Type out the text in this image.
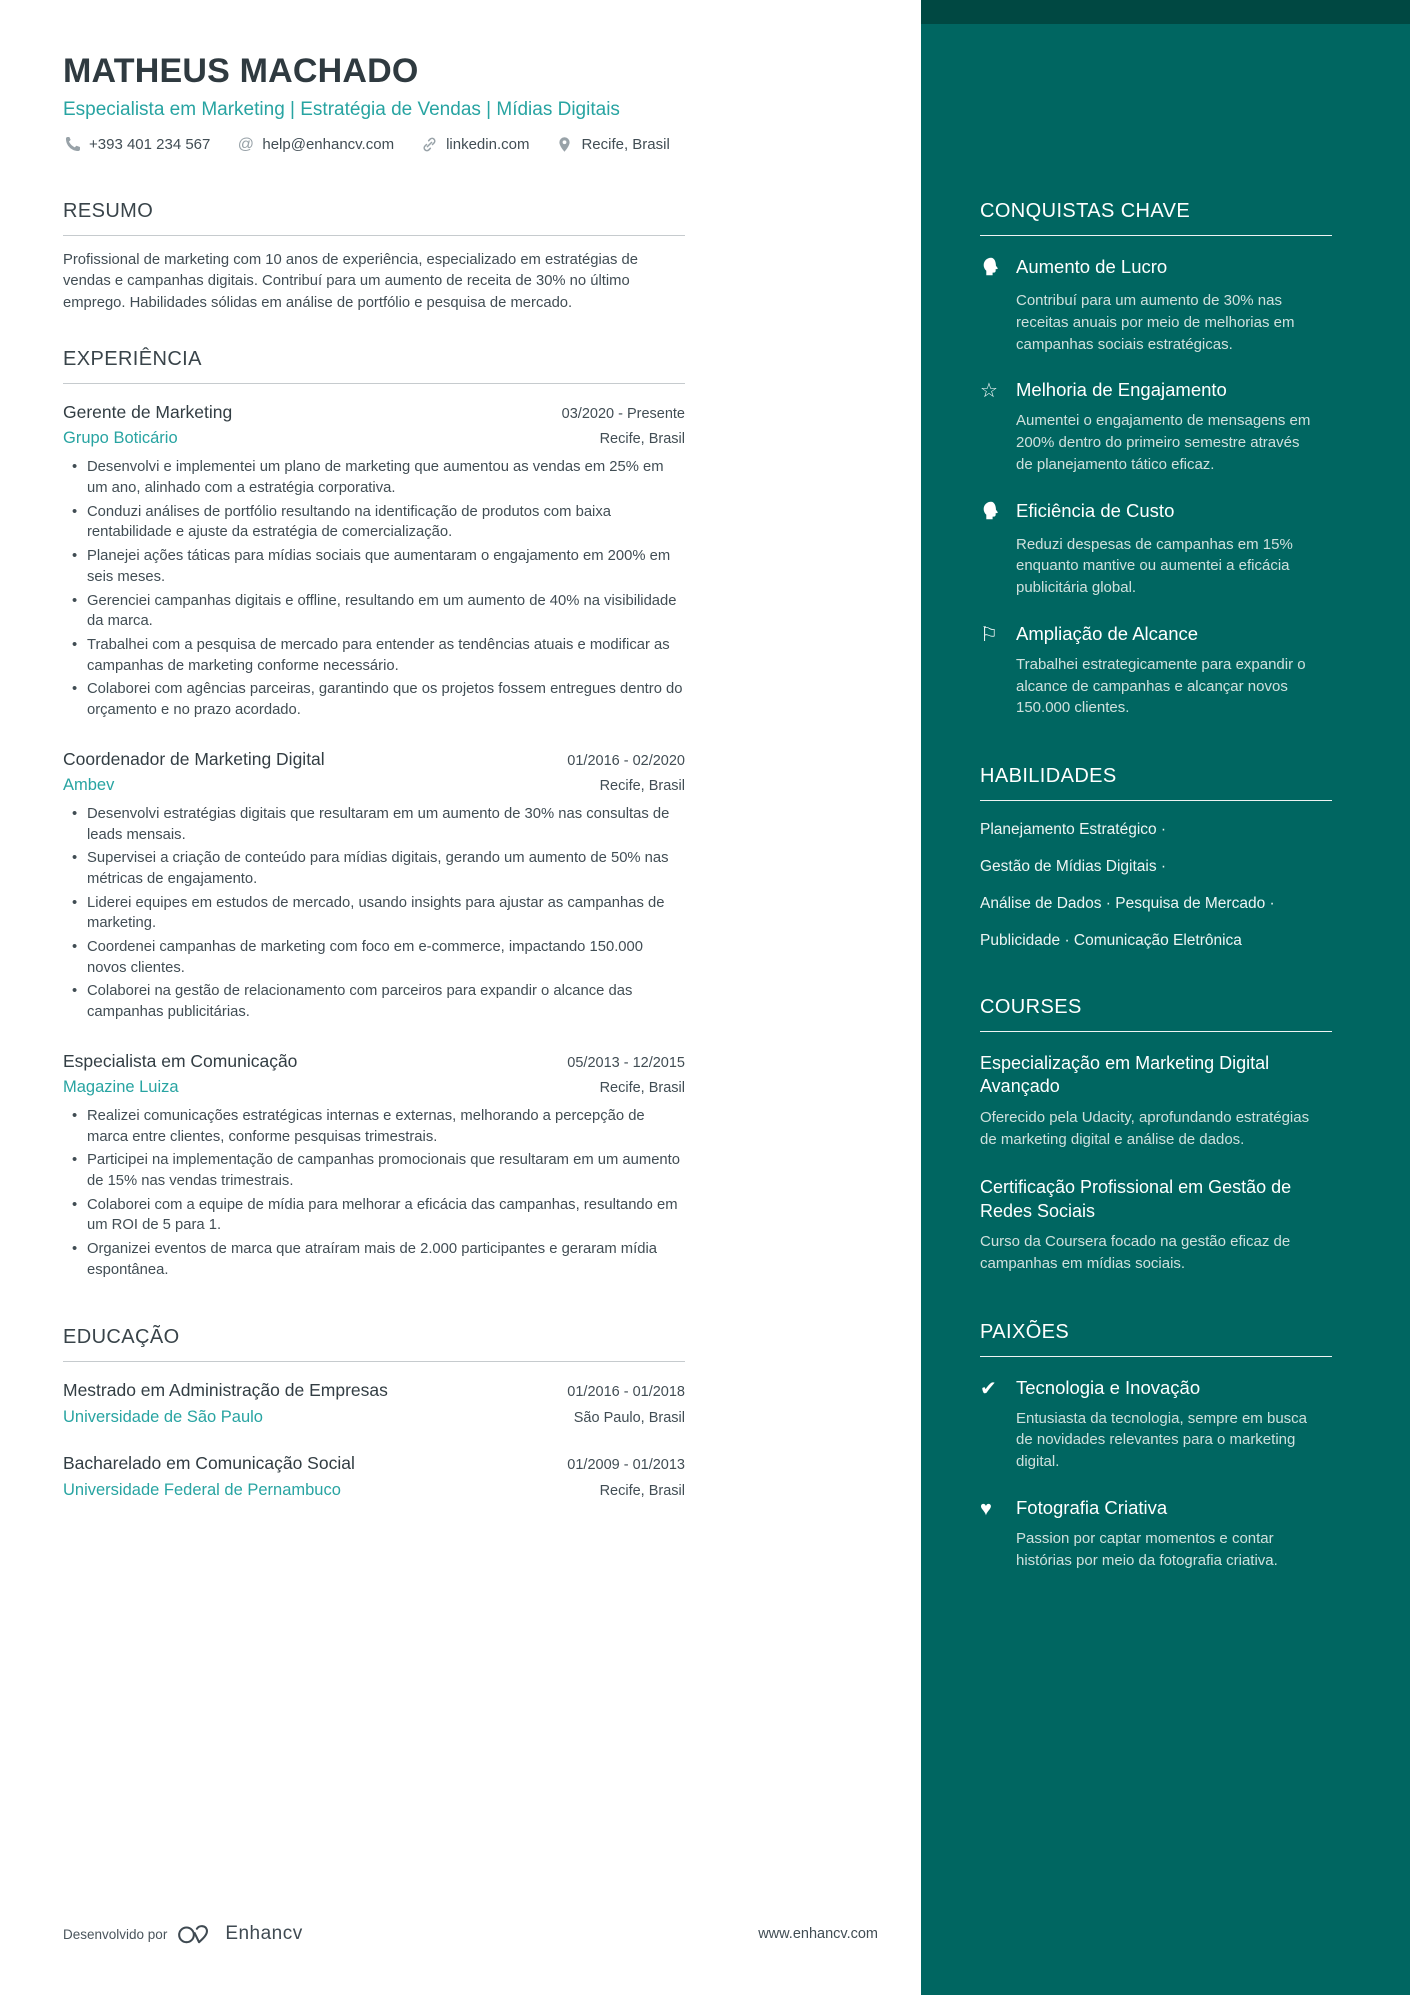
CONQUISTAS CHAVE
Aumento de Lucro
Contribuí para um aumento de 30% nas receitas anuais por meio de melhorias em campanhas sociais estratégicas.
☆ Melhoria de Engajamento
Aumentei o engajamento de mensagens em 200% dentro do primeiro semestre através de planejamento tático eficaz.
Eficiência de Custo
Reduzi despesas de campanhas em 15% enquanto mantive ou aumentei a eficácia publicitária global.
⚐ Ampliação de Alcance
Trabalhei estrategicamente para expandir o alcance de campanhas e alcançar novos 150.000 clientes.
HABILIDADES
Planejamento Estratégico ·
Gestão de Mídias Digitais ·
Análise de Dados · Pesquisa de Mercado ·
Publicidade · Comunicação Eletrônica
COURSES
Especialização em Marketing Digital Avançado
Oferecido pela Udacity, aprofundando estratégias de marketing digital e análise de dados.
Certificação Profissional em Gestão de Redes Sociais
Curso da Coursera focado na gestão eficaz de campanhas em mídias sociais.
PAIXÕES
✔	Tecnologia e Inovação
Entusiasta da tecnologia, sempre em busca de novidades relevantes para o marketing digital.
♥	Fotografia Criativa
Passion por captar momentos e contar histórias por meio da fotografia criativa.
MATHEUS MACHADO
Especialista em Marketing | Estratégia de Vendas | Mídias Digitais
+393 401 234 567 @ help@enhancv.com	linkedin.com	Recife, Brasil
RESUMO

Profissional de marketing com 10 anos de experiência, especializado em estratégias de vendas e campanhas digitais. Contribuí para um aumento de receita de 30% no último emprego. Habilidades sólidas em análise de portfólio e pesquisa de mercado.

EXPERIÊNCIA
Gerente de Marketing	03/2020 - Presente
Grupo Boticário	Recife, Brasil
• Desenvolvi e implementei um plano de marketing que aumentou as vendas em 25% em um ano, alinhado com a estratégia corporativa.
• Conduzi análises de portfólio resultando na identificação de produtos com baixa rentabilidade e ajuste da estratégia de comercialização.
• Planejei ações táticas para mídias sociais que aumentaram o engajamento em 200% em seis meses.
• Gerenciei campanhas digitais e offline, resultando em um aumento de 40% na visibilidade da marca.
• Trabalhei com a pesquisa de mercado para entender as tendências atuais e modificar as campanhas de marketing conforme necessário.
• Colaborei com agências parceiras, garantindo que os projetos fossem entregues dentro do orçamento e no prazo acordado.
Coordenador de Marketing Digital	01/2016 - 02/2020
Ambev	Recife, Brasil
• Desenvolvi estratégias digitais que resultaram em um aumento de 30% nas consultas de leads mensais.
• Supervisei a criação de conteúdo para mídias digitais, gerando um aumento de 50% nas métricas de engajamento.
• Liderei equipes em estudos de mercado, usando insights para ajustar as campanhas de marketing.
• Coordenei campanhas de marketing com foco em e-commerce, impactando 150.000 novos clientes.
• Colaborei na gestão de relacionamento com parceiros para expandir o alcance das campanhas publicitárias.
Especialista em Comunicação	05/2013 - 12/2015
Magazine Luiza	Recife, Brasil
• Realizei comunicações estratégicas internas e externas, melhorando a percepção de marca entre clientes, conforme pesquisas trimestrais.
• Participei na implementação de campanhas promocionais que resultaram em um aumento de 15% nas vendas trimestrais.
• Colaborei com a equipe de mídia para melhorar a eficácia das campanhas, resultando em um ROI de 5 para 1.
• Organizei eventos de marca que atraíram mais de 2.000 participantes e geraram mídia espontânea.
EDUCAÇÃO
Mestrado em Administração de Empresas	01/2016 - 01/2018
Universidade de São Paulo	São Paulo, Brasil
Bacharelado em Comunicação Social	01/2009 - 01/2013
Universidade Federal de Pernambuco	Recife, Brasil
Desenvolvido por	Enhancv	www.enhancv.com
